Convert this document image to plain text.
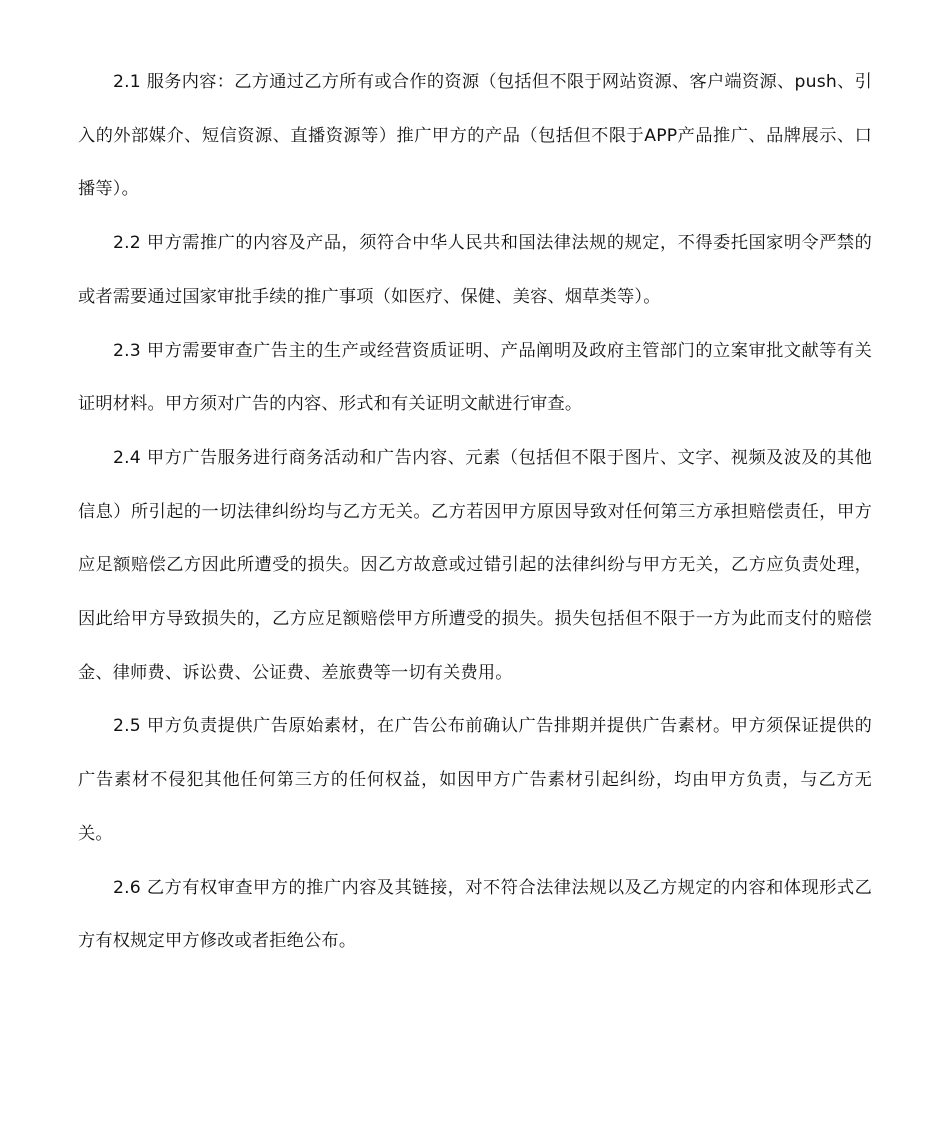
2.1 服务内容：乙方通过乙方所有或合作的资源（包括但不限于网站资源、客户端资源、push、引入的外部媒介、短信资源、直播资源等）推广甲方的产品（包括但不限于APP产品推广、品牌展示、口播等）。

2.2 甲方需推广的内容及产品，须符合中华人民共和国法律法规的规定，不得委托国家明令严禁的或者需要通过国家审批手续的推广事项（如医疗、保健、美容、烟草类等）。

2.3 甲方需要审查广告主的生产或经营资质证明、产品阐明及政府主管部门的立案审批文献等有关证明材料。甲方须对广告的内容、形式和有关证明文献进行审查。

2.4 甲方广告服务进行商务活动和广告内容、元素（包括但不限于图片、文字、视频及波及的其他信息）所引起的一切法律纠纷均与乙方无关。乙方若因甲方原因导致对任何第三方承担赔偿责任，甲方应足额赔偿乙方因此所遭受的损失。因乙方故意或过错引起的法律纠纷与甲方无关，乙方应负责处理，因此给甲方导致损失的，乙方应足额赔偿甲方所遭受的损失。损失包括但不限于一方为此而支付的赔偿金、律师费、诉讼费、公证费、差旅费等一切有关费用。

2.5 甲方负责提供广告原始素材，在广告公布前确认广告排期并提供广告素材。甲方须保证提供的广告素材不侵犯其他任何第三方的任何权益，如因甲方广告素材引起纠纷，均由甲方负责，与乙方无关。

2.6 乙方有权审查甲方的推广内容及其链接，对不符合法律法规以及乙方规定的内容和体现形式乙方有权规定甲方修改或者拒绝公布。
